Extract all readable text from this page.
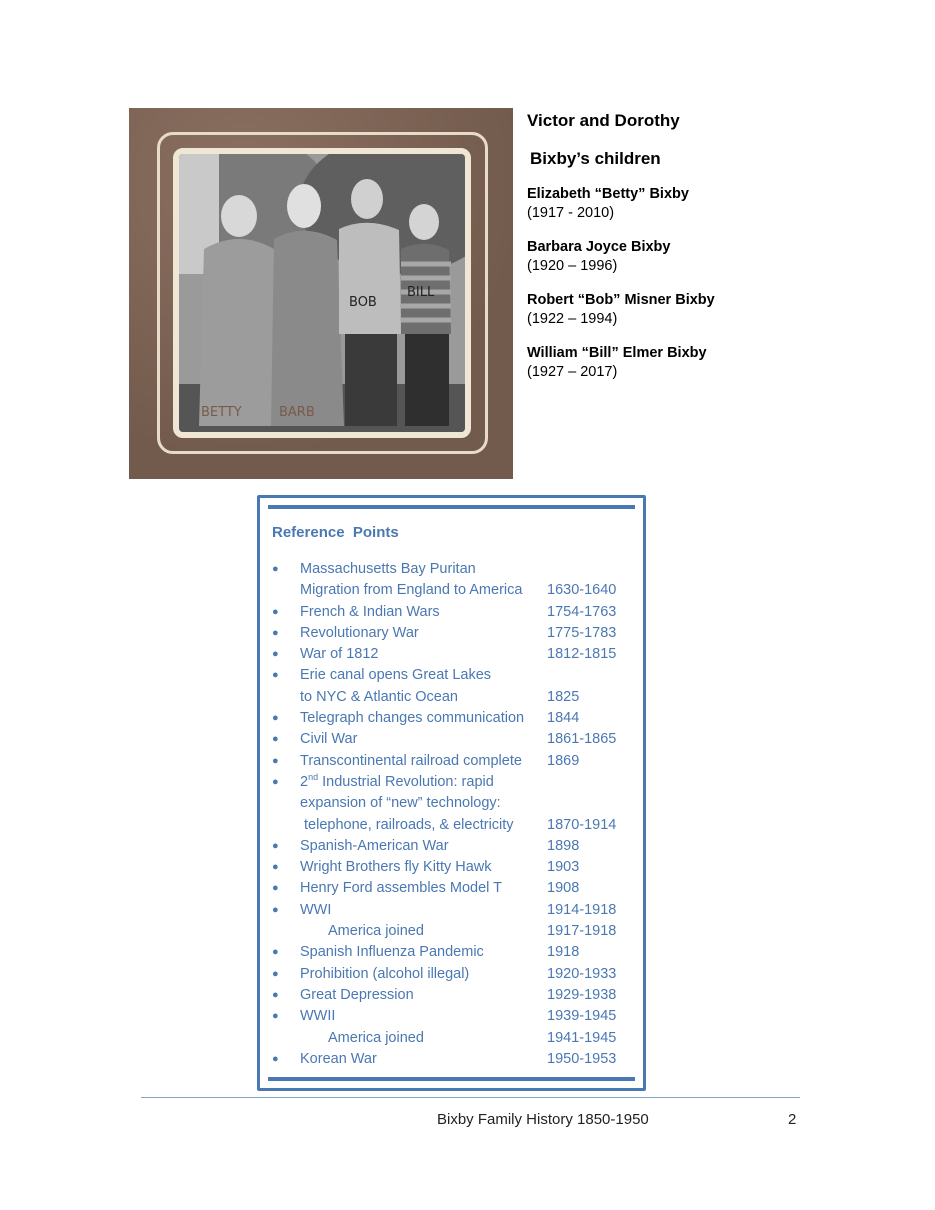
BETTY	BARB
BOB
BILL

Victor and Dorothy

Bixby’s children

Elizabeth “Betty” Bixby
(1917 - 2010)
Barbara Joyce Bixby
(1920 – 1996)
Robert “Bob” Misner Bixby
(1922 – 1994)
William “Bill” Elmer Bixby
(1927 – 2017)
Reference  Points
●	Massachusetts Bay Puritan
Migration from England to America	1630-1640
●	French & Indian Wars	1754-1763
●	Revolutionary War	1775-1783
●	War of 1812	1812-1815
●	Erie canal opens Great Lakes
to NYC & Atlantic Ocean	1825
●	Telegraph changes communication	1844
●	Civil War	1861-1865
●	Transcontinental railroad complete	1869
●	2nd Industrial Revolution: rapid
expansion of “new” technology:
telephone, railroads, & electricity	1870-1914
●	Spanish-American War	1898
●	Wright Brothers fly Kitty Hawk	1903
●	Henry Ford assembles Model T	1908
●	WWI	1914-1918
America joined	1917-1918
●	Spanish Influenza Pandemic	1918
●	Prohibition (alcohol illegal)	1920-1933
●	Great Depression	1929-1938
●	WWII	1939-1945
America joined	1941-1945
●	Korean War	1950-1953
Bixby Family History 1850-1950	2
